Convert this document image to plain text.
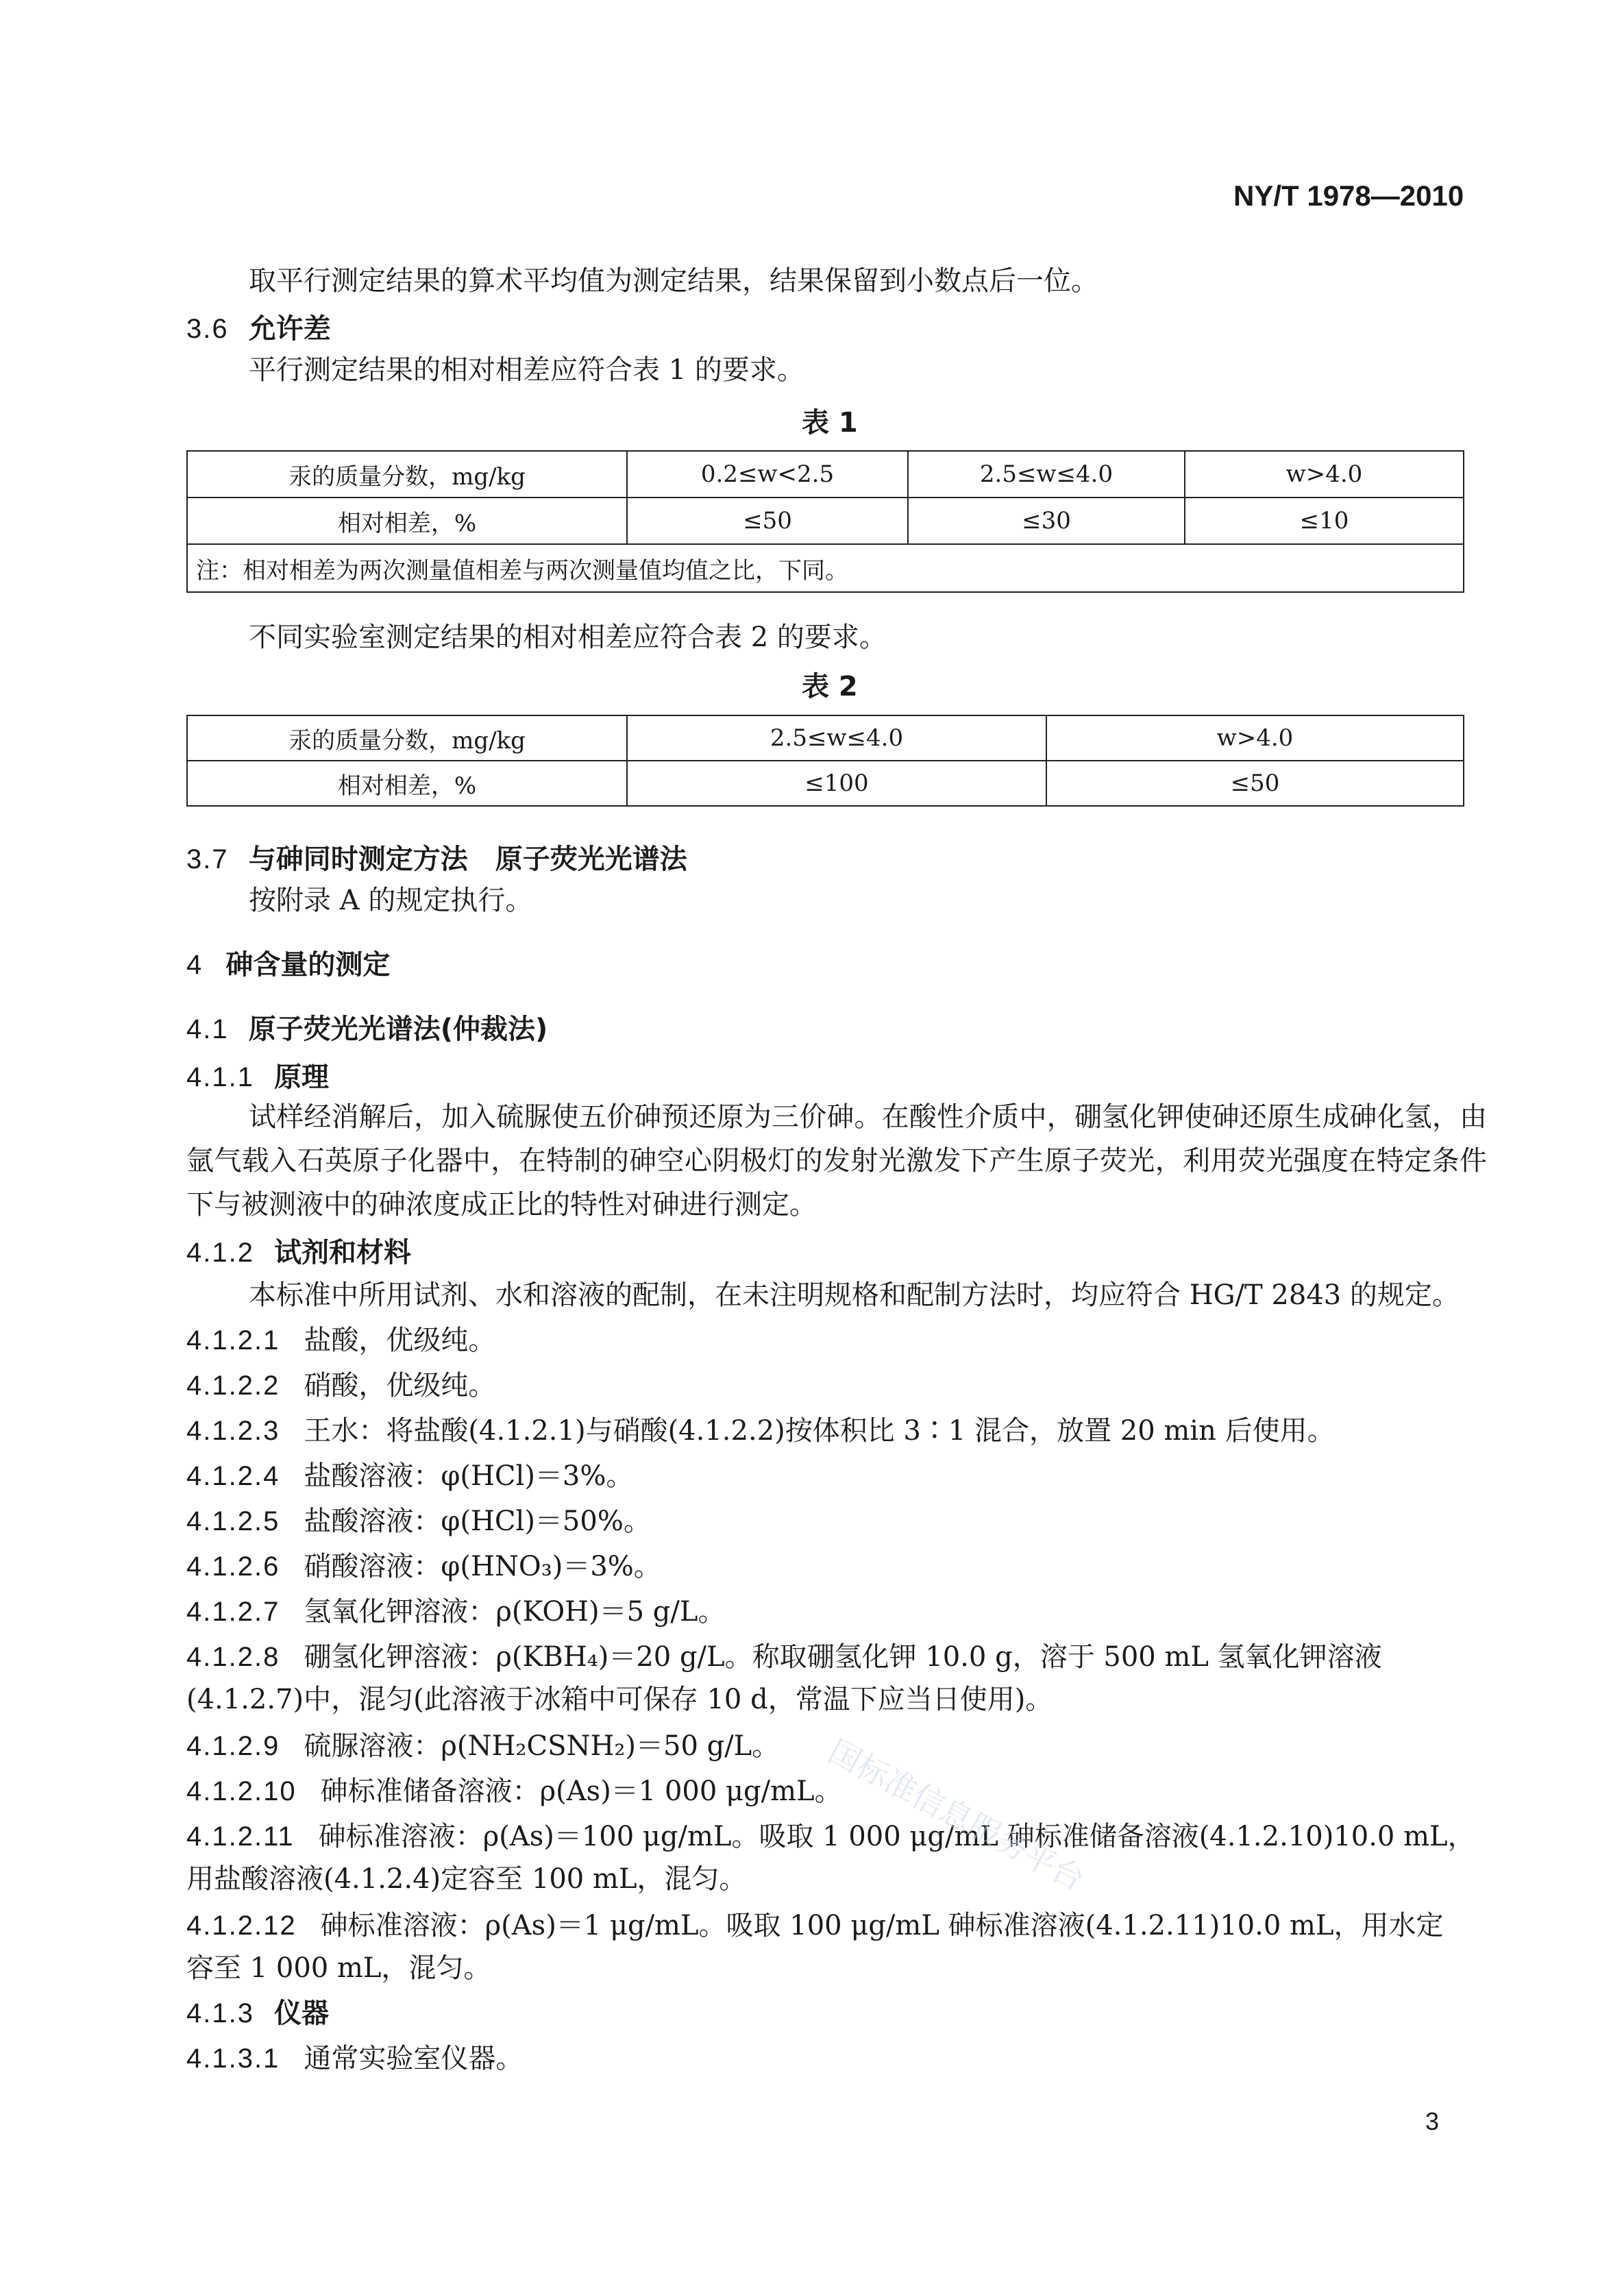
NY/T 1978—2010
取平行测定结果的算术平均值为测定结果，结果保留到小数点后一位。
3.6 允许差
平行测定结果的相对相差应符合表 1 的要求。
表 1
汞的质量分数，mg/kg	0.2≤w<2.5	2.5≤w≤4.0	w>4.0
相对相差，%	≤50	≤30	≤10
注：相对相差为两次测量值相差与两次测量值均值之比，下同。			
不同实验室测定结果的相对相差应符合表 2 的要求。
表 2
汞的质量分数，mg/kg	2.5≤w≤4.0	w>4.0
相对相差，%	≤100	≤50
3.7 与砷同时测定方法　原子荧光光谱法
按附录 A 的规定执行。
4 砷含量的测定
4.1 原子荧光光谱法(仲裁法)
4.1.1 原理
试样经消解后，加入硫脲使五价砷预还原为三价砷。在酸性介质中，硼氢化钾使砷还原生成砷化氢，由氩气载入石英原子化器中，在特制的砷空心阴极灯的发射光激发下产生原子荧光，利用荧光强度在特定条件下与被测液中的砷浓度成正比的特性对砷进行测定。
4.1.2 试剂和材料
本标准中所用试剂、水和溶液的配制，在未注明规格和配制方法时，均应符合 HG/T 2843 的规定。
4.1.2.1 盐酸，优级纯。
4.1.2.2 硝酸，优级纯。
4.1.2.3 王水：将盐酸(4.1.2.1)与硝酸(4.1.2.2)按体积比 3∶1 混合，放置 20 min 后使用。
4.1.2.4 盐酸溶液：φ(HCl)＝3%。
4.1.2.5 盐酸溶液：φ(HCl)＝50%。
4.1.2.6 硝酸溶液：φ(HNO₃)＝3%。
4.1.2.7 氢氧化钾溶液：ρ(KOH)＝5 g/L。
4.1.2.8 硼氢化钾溶液：ρ(KBH₄)＝20 g/L。称取硼氢化钾 10.0 g，溶于 500 mL 氢氧化钾溶液
(4.1.2.7)中，混匀(此溶液于冰箱中可保存 10 d，常温下应当日使用)。
4.1.2.9 硫脲溶液：ρ(NH₂CSNH₂)＝50 g/L。
4.1.2.10 砷标准储备溶液：ρ(As)＝1 000 μg/mL。
4.1.2.11 砷标准溶液：ρ(As)＝100 μg/mL。吸取 1 000 μg/mL 砷标准储备溶液(4.1.2.10)10.0 mL，
用盐酸溶液(4.1.2.4)定容至 100 mL，混匀。
4.1.2.12 砷标准溶液：ρ(As)＝1 μg/mL。吸取 100 μg/mL 砷标准溶液(4.1.2.11)10.0 mL，用水定
容至 1 000 mL，混匀。
4.1.3 仪器
4.1.3.1 通常实验室仪器。
国标准信息服务平台
3
